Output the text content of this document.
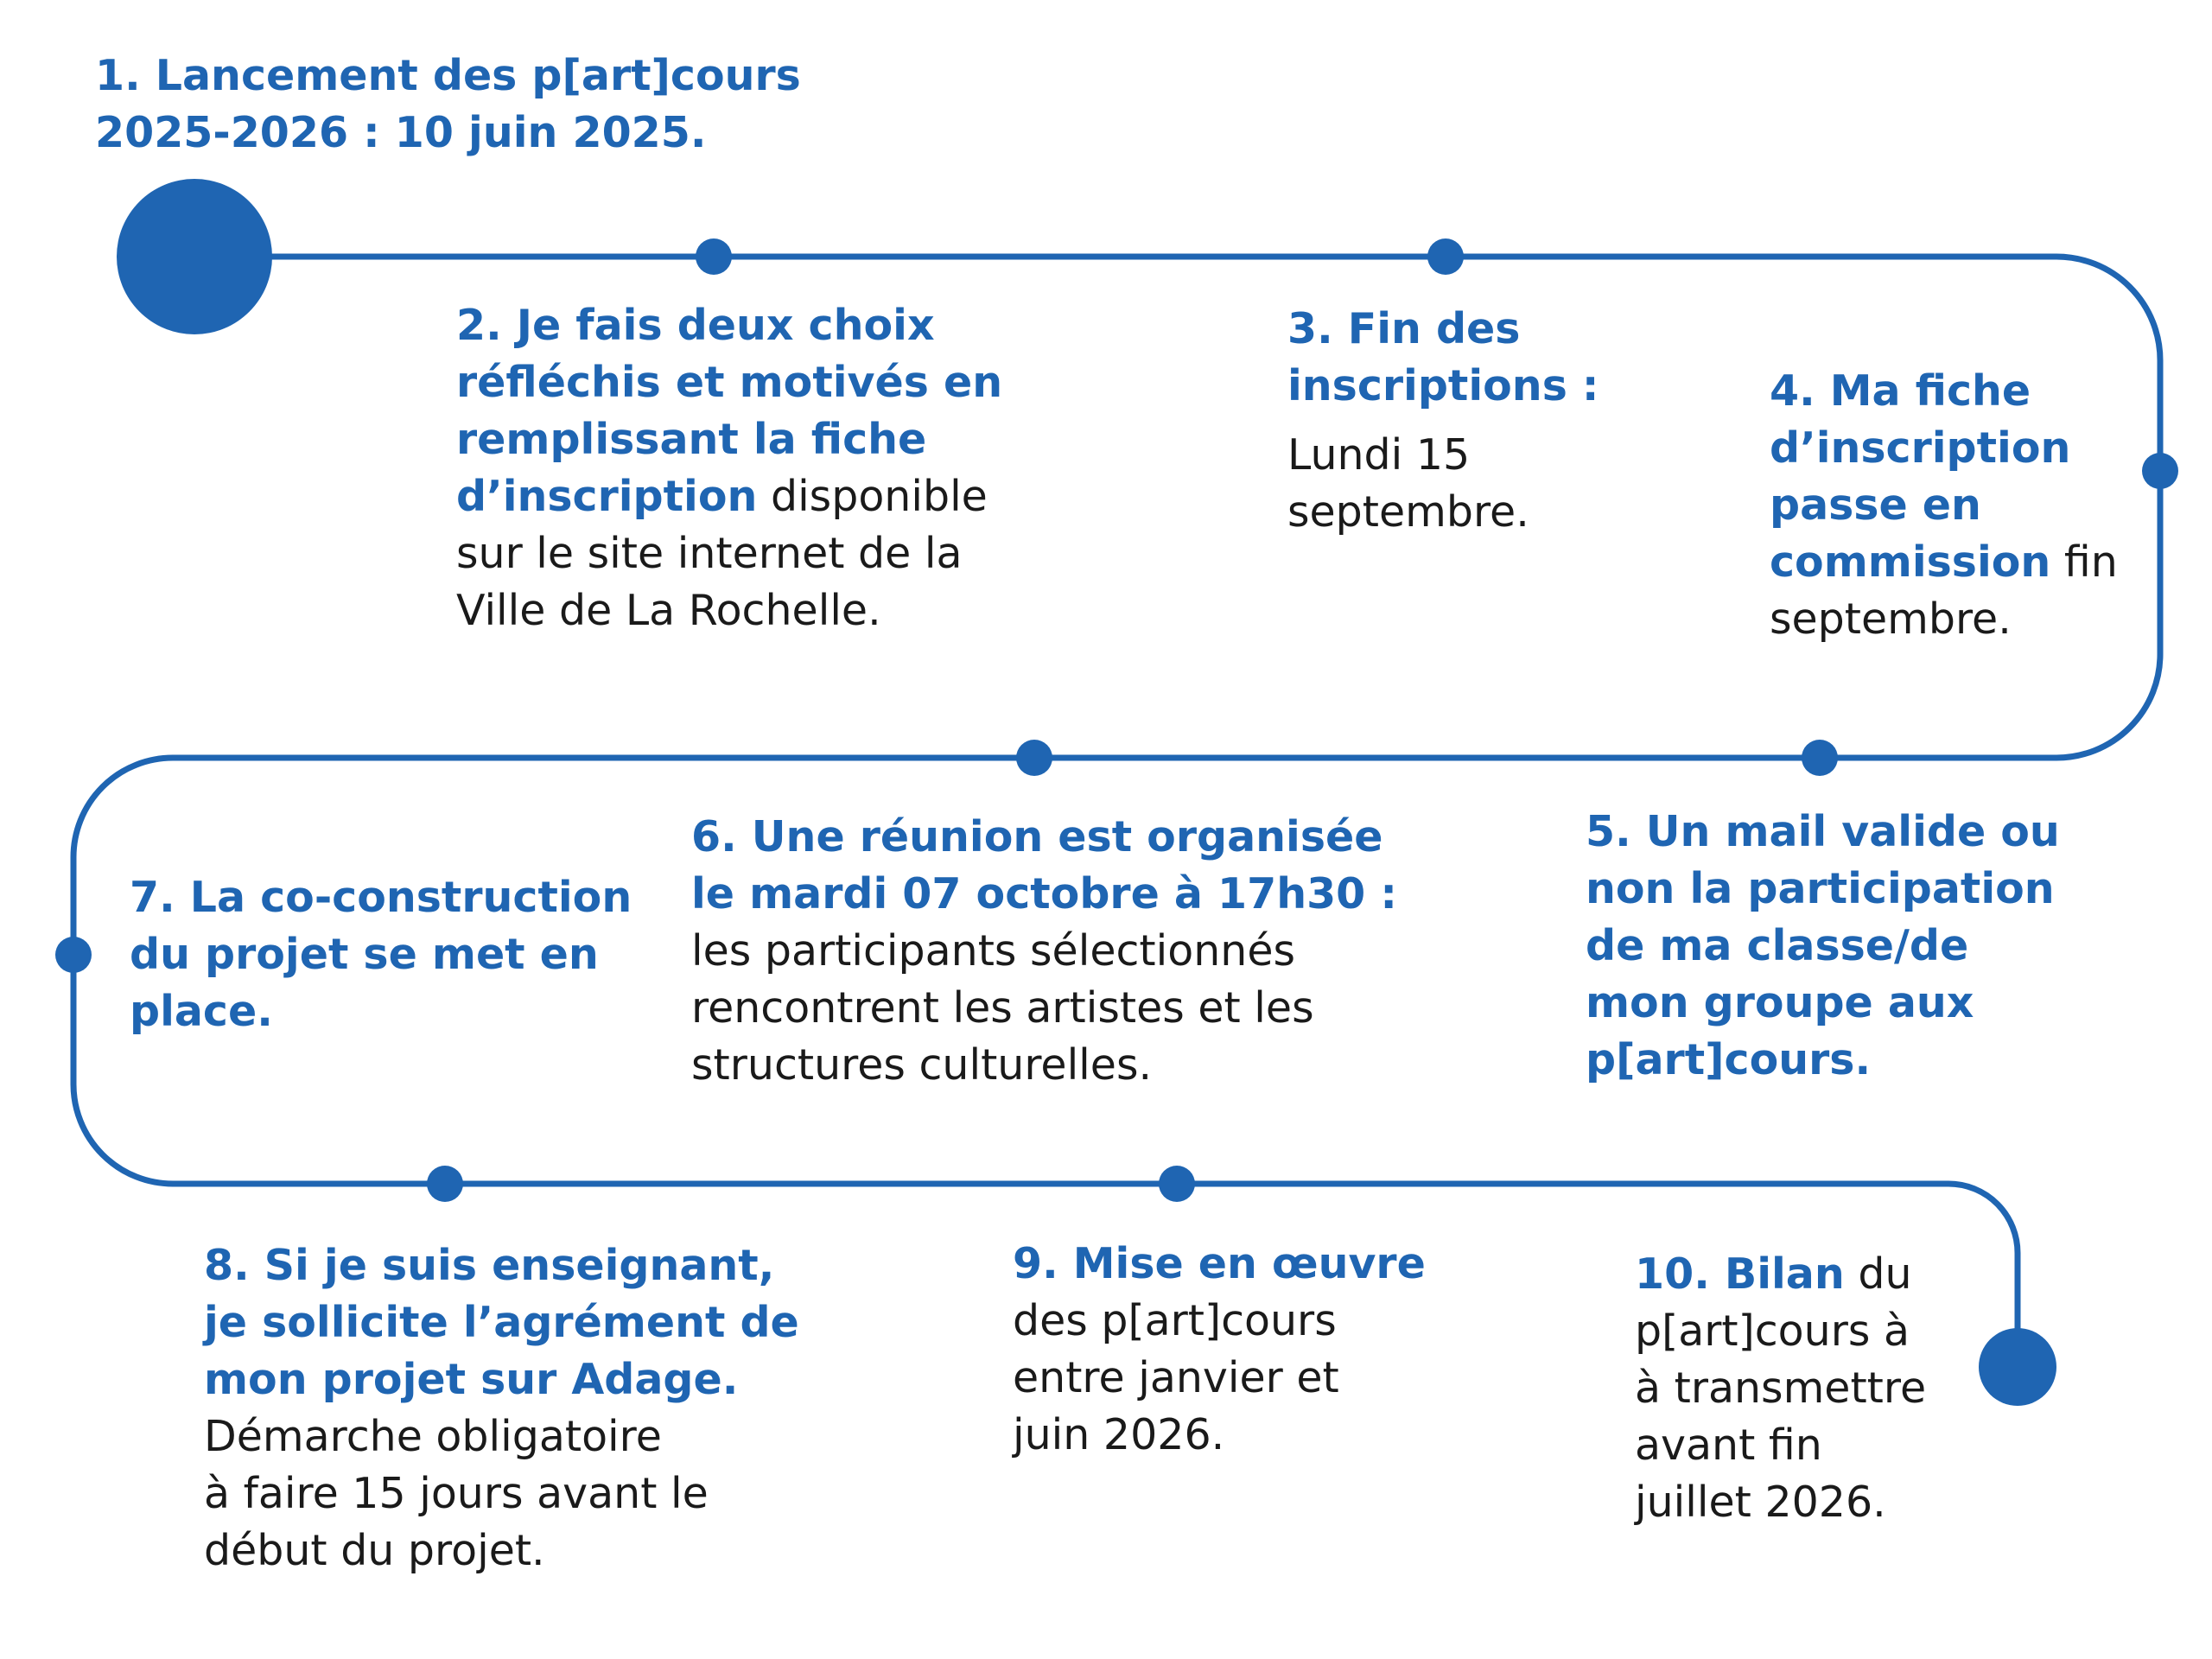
1. Lancement des p[art]cours
2025-2026 : 10 juin 2025.
2. Je fais deux choix
réfléchis et motivés en
remplissant la fiche
d’inscription disponible
sur le site internet de la
Ville de La Rochelle.
3. Fin des
inscriptions :
Lundi 15
septembre.
4. Ma fiche
d’inscription
passe en
commission fin
septembre.
5. Un mail valide ou
non la participation
de ma classe/de
mon groupe aux
p[art]cours.
6. Une réunion est organisée
le mardi 07 octobre à 17h30 :
les participants sélectionnés
rencontrent les artistes et les
structures culturelles.
7. La co-construction
du projet se met en
place.
8. Si je suis enseignant,
je sollicite l’agrément de
mon projet sur Adage.
Démarche obligatoire
à faire 15 jours avant le
début du projet.
9. Mise en œuvre
des p[art]cours
entre janvier et
juin 2026.
10. Bilan du
p[art]cours à
à transmettre
avant fin
juillet 2026.
